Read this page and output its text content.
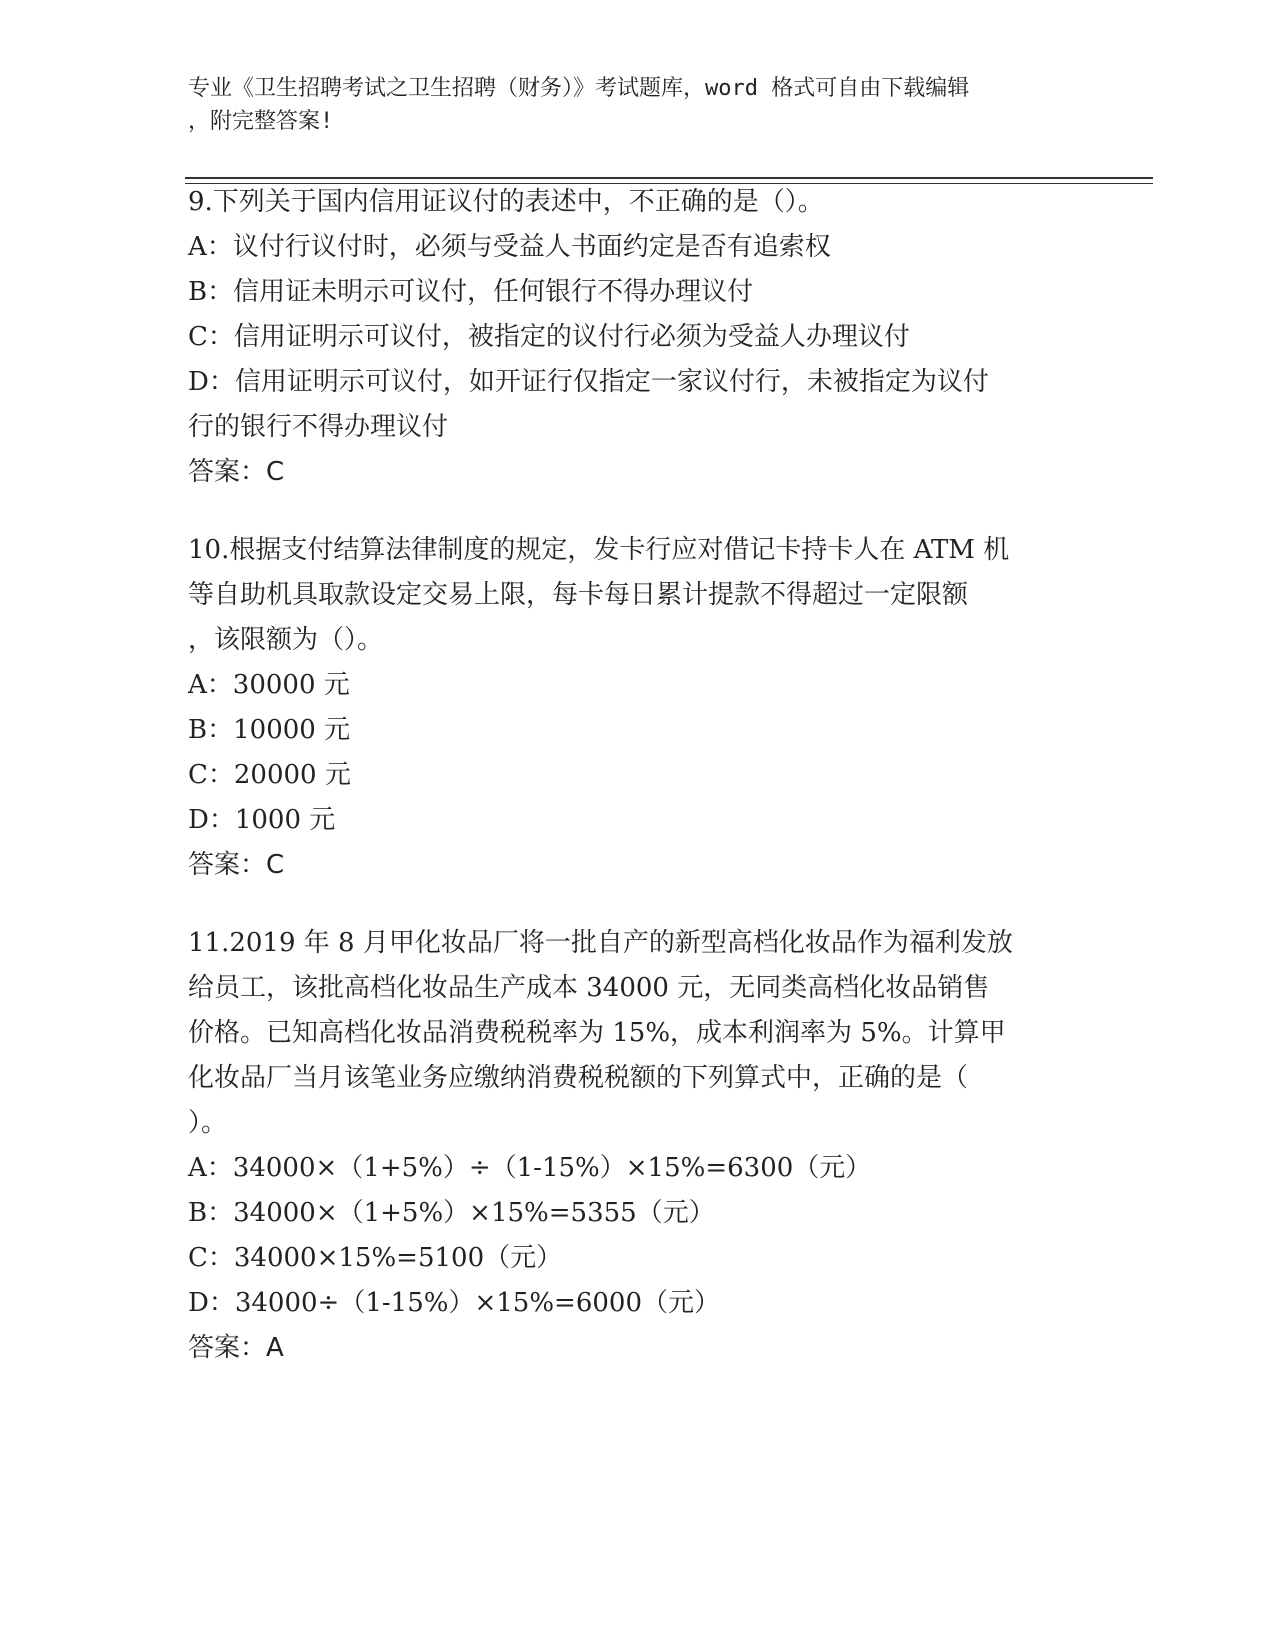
专业《卫生招聘考试之卫生招聘（财务）》考试题库，word 格式可自由下载编辑
，附完整答案!

9.下列关于国内信用证议付的表述中，不正确的是（）。

A：议付行议付时，必须与受益人书面约定是否有追索权

B：信用证未明示可议付，任何银行不得办理议付

C：信用证明示可议付，被指定的议付行必须为受益人办理议付

D：信用证明示可议付，如开证行仅指定一家议付行，未被指定为议付

行的银行不得办理议付

答案：C

10.根据支付结算法律制度的规定，发卡行应对借记卡持卡人在 ATM 机

等自助机具取款设定交易上限，每卡每日累计提款不得超过一定限额

，该限额为（）。

A：30000 元

B：10000 元

C：20000 元

D：1000 元

答案：C

11.2019 年 8 月甲化妆品厂将一批自产的新型高档化妆品作为福利发放

给员工，该批高档化妆品生产成本 34000 元，无同类高档化妆品销售

价格。已知高档化妆品消费税税率为 15%，成本利润率为 5%。计算甲

化妆品厂当月该笔业务应缴纳消费税税额的下列算式中，正确的是（

）。

A：34000×（1+5%）÷（1-15%）×15%=6300（元）

B：34000×（1+5%）×15%=5355（元）

C：34000×15%=5100（元）

D：34000÷（1-15%）×15%=6000（元）

答案：A
